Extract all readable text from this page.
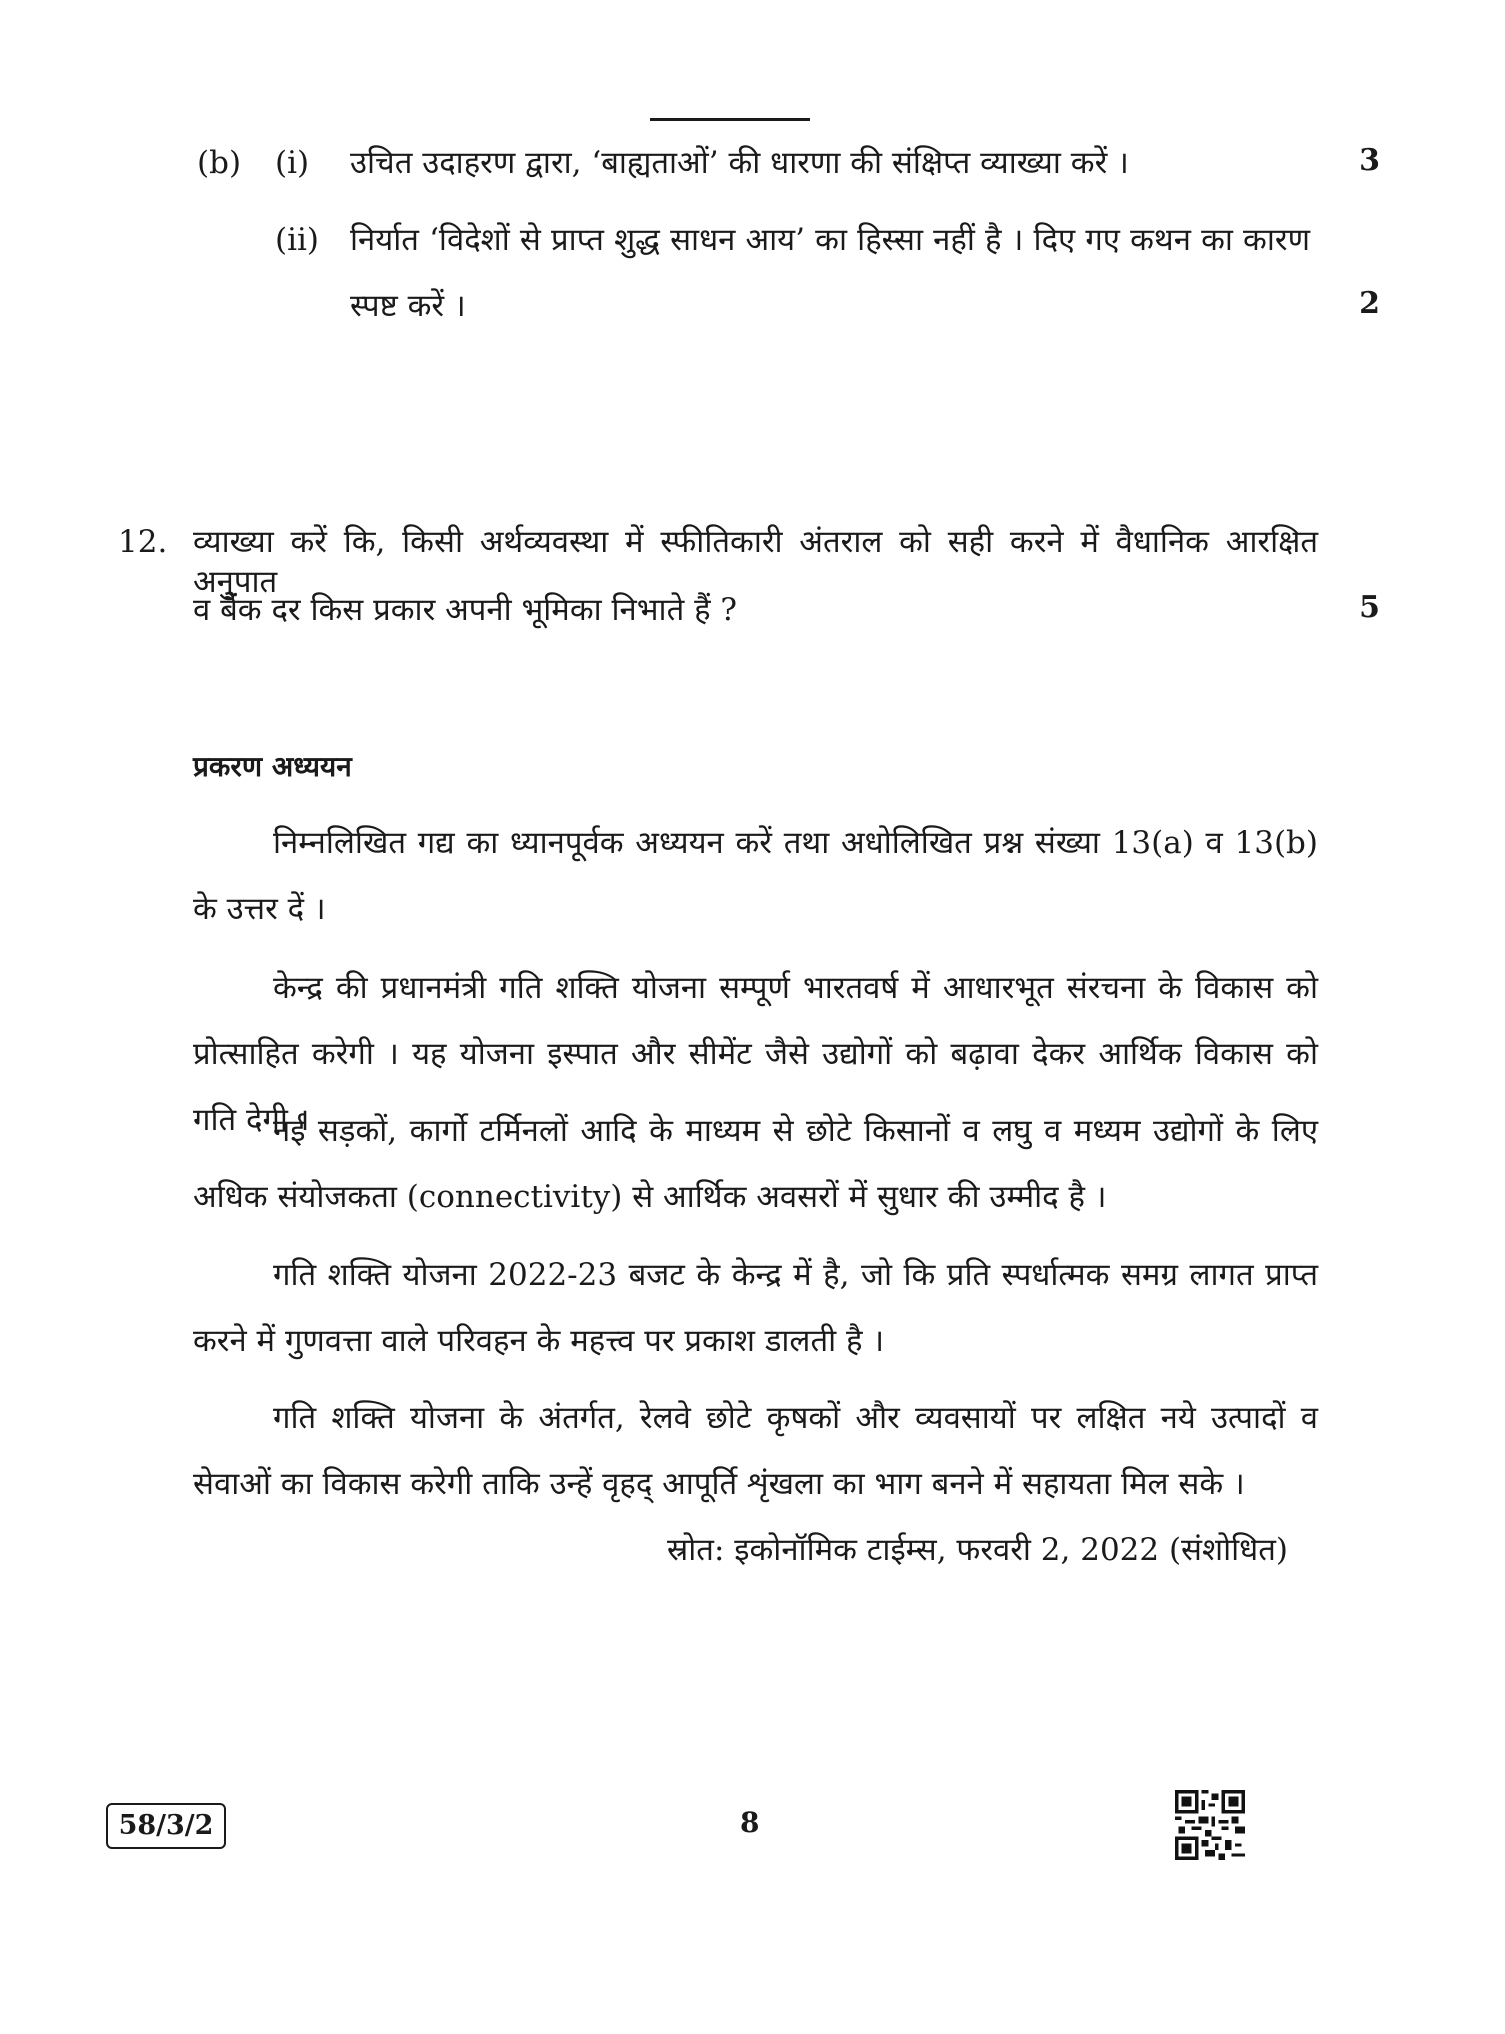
(b) (i) उचित उदाहरण द्वारा, ‘बाह्यताओं’ की धारणा की संक्षिप्त व्याख्या करें ।	3
(ii) निर्यात ‘विदेशों से प्राप्त शुद्ध साधन आय’ का हिस्सा नहीं है । दिए गए कथन का कारण
स्पष्ट करें ।	2
12. व्याख्या करें कि, किसी अर्थव्यवस्था में स्फीतिकारी अंतराल को सही करने में वैधानिक आरक्षित अनुपात
व बैंक दर किस प्रकार अपनी भूमिका निभाते हैं ?	5
प्रकरण अध्ययन
निम्नलिखित गद्य का ध्यानपूर्वक अध्ययन करें तथा अधोलिखित प्रश्न संख्या 13(a) व 13(b) के उत्तर दें ।
केन्द्र की प्रधानमंत्री गति शक्ति योजना सम्पूर्ण भारतवर्ष में आधारभूत संरचना के विकास को प्रोत्साहित करेगी । यह योजना इस्पात और सीमेंट जैसे उद्योगों को बढ़ावा देकर आर्थिक विकास को गति देगी ।
नई सड़कों, कार्गो टर्मिनलों आदि के माध्यम से छोटे किसानों व लघु व मध्यम उद्योगों के लिए अधिक संयोजकता (connectivity) से आर्थिक अवसरों में सुधार की उम्मीद है ।
गति शक्ति योजना 2022-23 बजट के केन्द्र में है, जो कि प्रति स्पर्धात्मक समग्र लागत प्राप्त करने में गुणवत्ता वाले परिवहन के महत्त्व पर प्रकाश डालती है ।
गति शक्ति योजना के अंतर्गत, रेलवे छोटे कृषकों और व्यवसायों पर लक्षित नये उत्पादों व सेवाओं का विकास करेगी ताकि उन्हें वृहद् आपूर्ति शृंखला का भाग बनने में सहायता मिल सके ।
स्रोत: इकोनॉमिक टाईम्स, फरवरी 2, 2022 (संशोधित)
58/3/2	8
